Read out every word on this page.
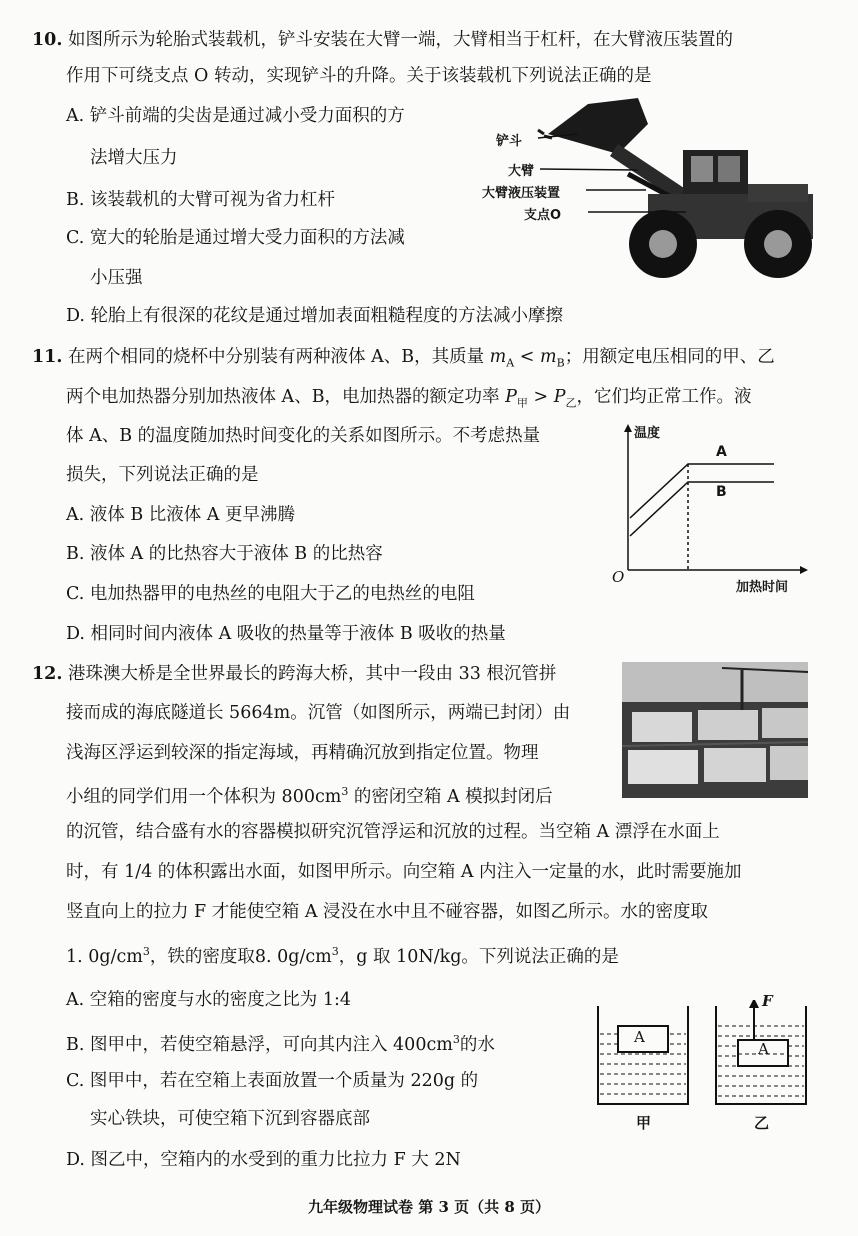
10. 如图所示为轮胎式装载机，铲斗安装在大臂一端，大臂相当于杠杆，在大臂液压装置的
作用下可绕支点 O 转动，实现铲斗的升降。关于该装载机下列说法正确的是
A. 铲斗前端的尖齿是通过减小受力面积的方
法增大压力
B. 该装载机的大臂可视为省力杠杆
C. 宽大的轮胎是通过增大受力面积的方法减
小压强
D. 轮胎上有很深的花纹是通过增加表面粗糙程度的方法减小摩擦
铲斗
大臂
大臂液压装置
支点O
11. 在两个相同的烧杯中分别装有两种液体 A、B，其质量 $m_A < m_B$；用额定电压相同的甲、乙
两个电加热器分别加热液体 A、B，电加热器的额定功率 $P_甲 > P_乙$，它们均正常工作。液
体 A、B 的温度随加热时间变化的关系如图所示。不考虑热量
损失，下列说法正确的是
A. 液体 B 比液体 A 更早沸腾
B. 液体 A 的比热容大于液体 B 的比热容
C. 电加热器甲的电热丝的电阻大于乙的电热丝的电阻
D. 相同时间内液体 A 吸收的热量等于液体 B 吸收的热量
温度
O
加热时间
A
B
12. 港珠澳大桥是全世界最长的跨海大桥，其中一段由 33 根沉管拼
接而成的海底隧道长 5664m。沉管（如图所示，两端已封闭）由
浅海区浮运到较深的指定海域，再精确沉放到指定位置。物理
小组的同学们用一个体积为 $800cm^3$ 的密闭空箱 A 模拟封闭后
的沉管，结合盛有水的容器模拟研究沉管浮运和沉放的过程。当空箱 A 漂浮在水面上
时，有 1/4 的体积露出水面，如图甲所示。向空箱 A 内注入一定量的水，此时需要施加
竖直向上的拉力 F 才能使空箱 A 浸没在水中且不碰容器，如图乙所示。水的密度取
1. $0g/cm^3$，铁的密度取8. $0g/cm^3$，g 取 10N/kg。下列说法正确的是
A. 空箱的密度与水的密度之比为 1:4
B. 图甲中，若使空箱悬浮，可向其内注入 $400cm^3$的水
C. 图甲中，若在空箱上表面放置一个质量为 220g 的
实心铁块，可使空箱下沉到容器底部
D. 图乙中，空箱内的水受到的重力比拉力 F 大 2N
A
A
F
甲	乙
九年级物理试卷 第 3 页（共 8 页）
